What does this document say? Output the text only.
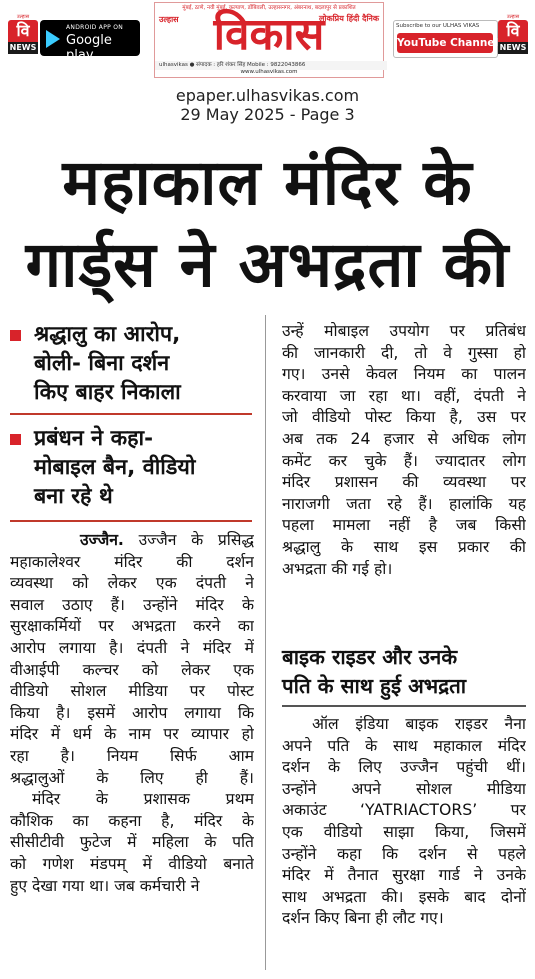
उल्हास
वि
NEWS
ANDROID APP ON
Google play
मुंबई, ठाणे, नवी मुंबई, कल्याण, डोंबिवली, उल्हासनगर, अंबरनाथ, बदलापुर से प्रकाशित
उल्हास विकास
लोकप्रिय हिंदी दैनिक
ulhasvikas ● संपादक : हरि शंकर सिंह Mobile : 9822043866
www.ulhasvikas.com
Subscribe to our ULHAS VIKAS
YouTube Channel
उल्हास
वि
NEWS
epaper.ulhasvikas.com
29 May 2025 - Page 3
महाकाल मंदिर के
गार्ड्स ने अभद्रता की
श्रद्धालु का आरोप,
बोली- बिना दर्शन
किए बाहर निकाला
प्रबंधन ने कहा-
मोबाइल बैन, वीडियो
बना रहे थे
उज्जैन. उज्जैन के प्रसिद्ध
महाकालेश्वर मंदिर की दर्शन
व्यवस्था को लेकर एक दंपती ने
सवाल उठाए हैं। उन्होंने मंदिर के
सुरक्षाकर्मियों पर अभद्रता करने का
आरोप लगाया है। दंपती ने मंदिर में
वीआईपी कल्चर को लेकर एक
वीडियो सोशल मीडिया पर पोस्ट
किया है। इसमें आरोप लगाया कि
मंदिर में धर्म के नाम पर व्यापार हो
रहा है। नियम सिर्फ आम
श्रद्धालुओं के लिए ही हैं।
मंदिर के प्रशासक प्रथम
कौशिक का कहना है, मंदिर के
सीसीटीवी फुटेज में महिला के पति
को गणेश मंडपम् में वीडियो बनाते
हुए देखा गया था। जब कर्मचारी ने
उन्हें मोबाइल उपयोग पर प्रतिबंध
की जानकारी दी, तो वे गुस्सा हो
गए। उनसे केवल नियम का पालन
करवाया जा रहा था। वहीं, दंपती ने
जो वीडियो पोस्ट किया है, उस पर
अब तक 24 हजार से अधिक लोग
कमेंट कर चुके हैं। ज्यादातर लोग
मंदिर प्रशासन की व्यवस्था पर
नाराजगी जता रहे हैं। हालांकि यह
पहला मामला नहीं है जब किसी
श्रद्धालु के साथ इस प्रकार की
अभद्रता की गई हो।
बाइक राइडर और उनके
पति के साथ हुई अभद्रता
ऑल इंडिया बाइक राइडर नैना
अपने पति के साथ महाकाल मंदिर
दर्शन के लिए उज्जैन पहुंची थीं।
उन्होंने अपने सोशल मीडिया
अकाउंट ‘YATRIACTORS’ पर
एक वीडियो साझा किया, जिसमें
उन्होंने कहा कि दर्शन से पहले
मंदिर में तैनात सुरक्षा गार्ड ने उनके
साथ अभद्रता की। इसके बाद दोनों
दर्शन किए बिना ही लौट गए।
